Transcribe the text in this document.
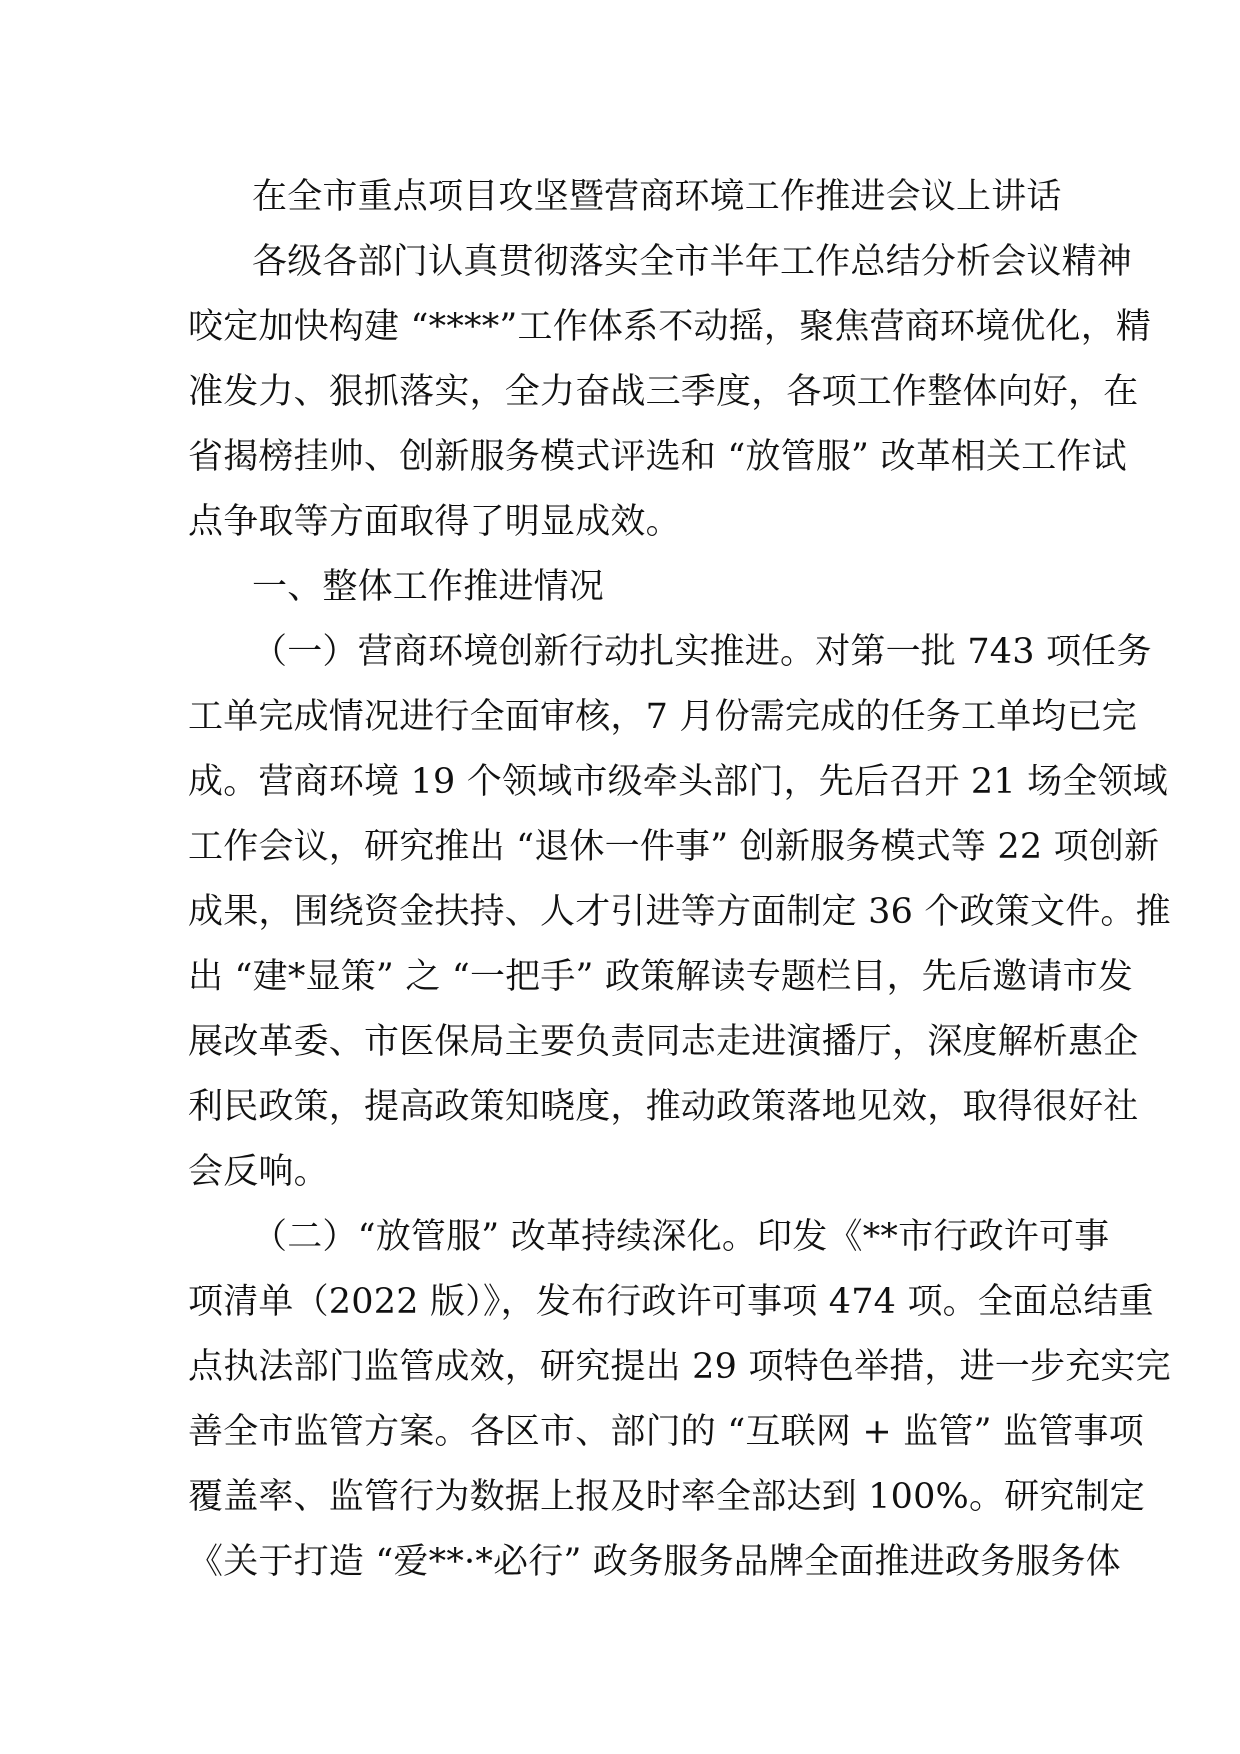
在全市重点项目攻坚暨营商环境工作推进会议上讲话
各级各部门认真贯彻落实全市半年工作总结分析会议精神
咬定加快构建 “****”工作体系不动摇，聚焦营商环境优化，精
准发力、狠抓落实，全力奋战三季度，各项工作整体向好，在
省揭榜挂帅、创新服务模式评选和 “放管服” 改革相关工作试
点争取等方面取得了明显成效。
一、整体工作推进情况
（一）营商环境创新行动扎实推进。对第一批 743 项任务
工单完成情况进行全面审核，7 月份需完成的任务工单均已完
成。营商环境 19 个领域市级牵头部门，先后召开 21 场全领域
工作会议，研究推出 “退休一件事” 创新服务模式等 22 项创新
成果，围绕资金扶持、人才引进等方面制定 36 个政策文件。推
出 “建*显策” 之 “一把手” 政策解读专题栏目，先后邀请市发
展改革委、市医保局主要负责同志走进演播厅，深度解析惠企
利民政策，提高政策知晓度，推动政策落地见效，取得很好社
会反响。
（二）“放管服” 改革持续深化。印发《**市行政许可事
项清单（2022 版）》，发布行政许可事项 474 项。全面总结重
点执法部门监管成效，研究提出 29 项特色举措，进一步充实完
善全市监管方案。各区市、部门的 “互联网 + 监管” 监管事项
覆盖率、监管行为数据上报及时率全部达到 100%。研究制定
《关于打造 “爱**·*必行” 政务服务品牌全面推进政务服务体
